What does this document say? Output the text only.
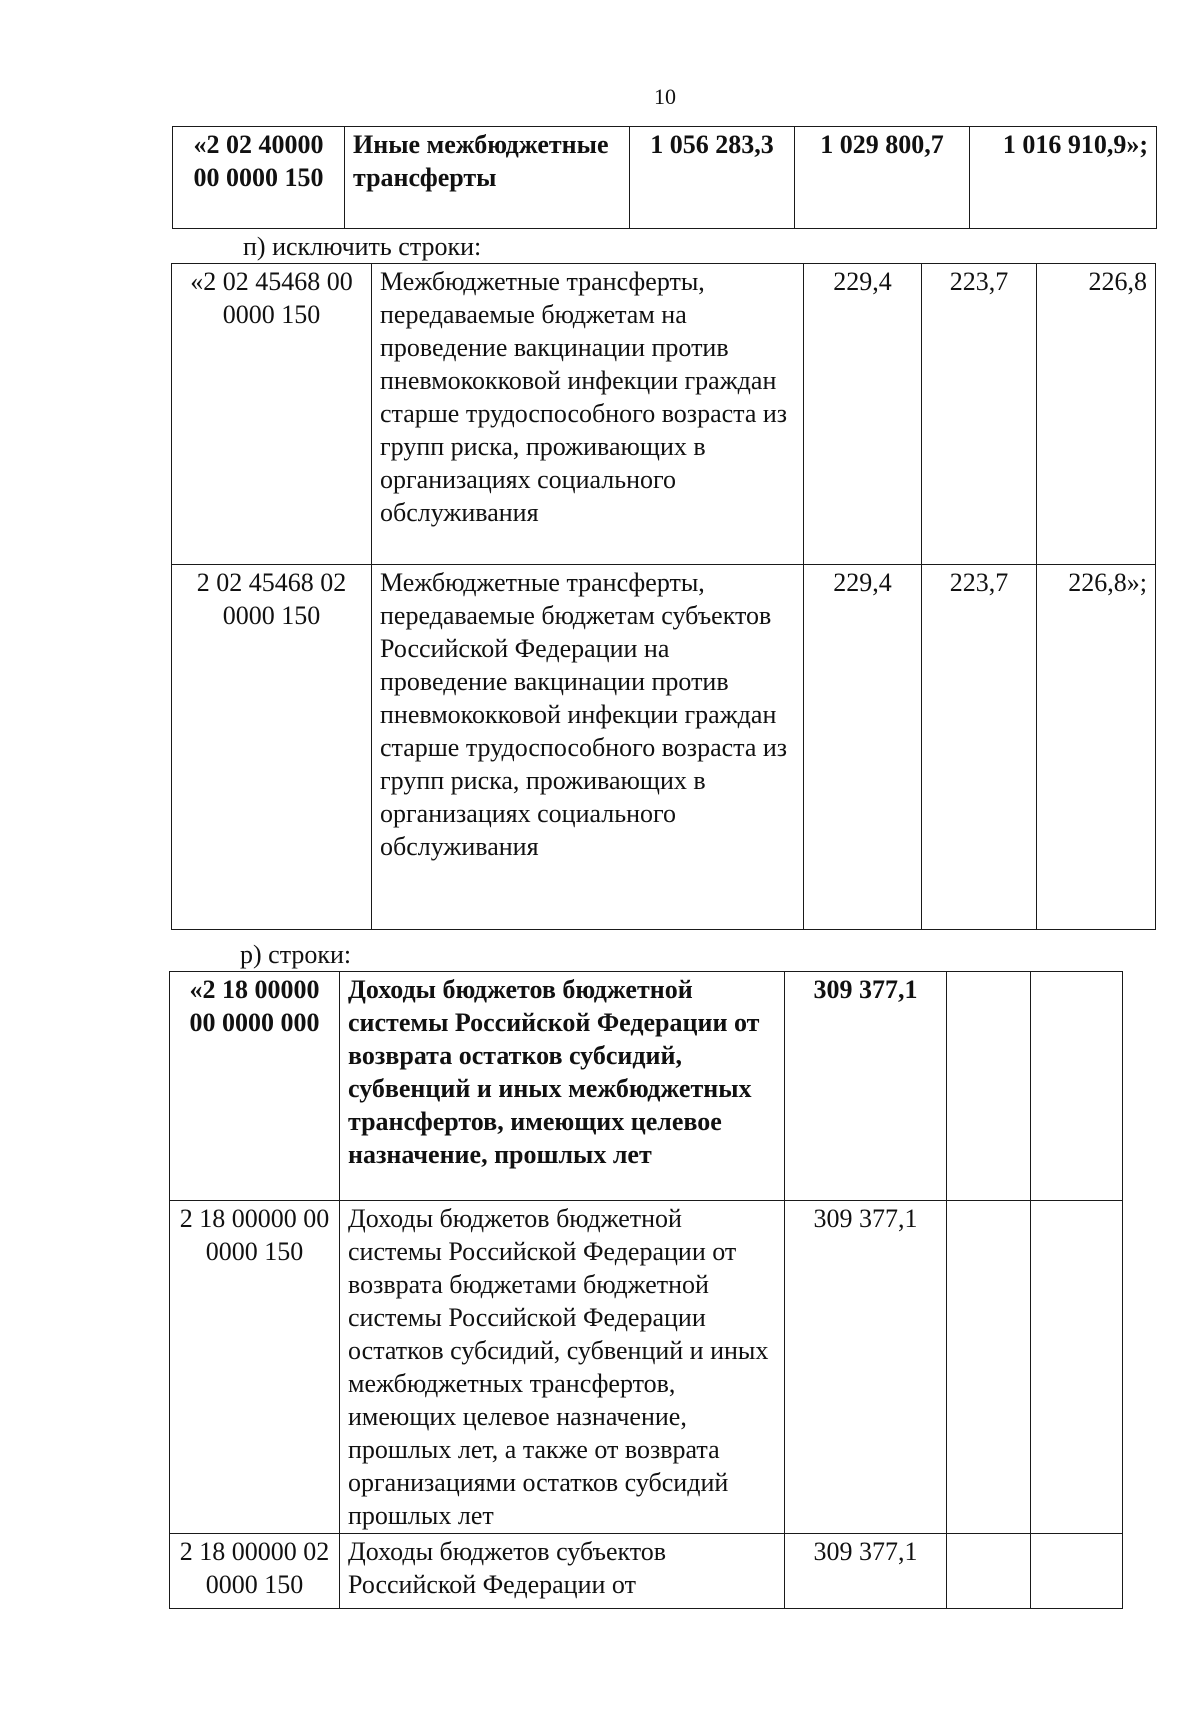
10
«2 02 40000 00 0000 150	Иные межбюджетные трансферты	1 056 283,3	1 029 800,7	1 016 910,9»;
п) исключить строки:
«2 02 45468 00 0000 150	Межбюджетные трансферты, передаваемые бюджетам на проведение вакцинации против пневмококковой инфекции граждан старше трудоспособного возраста из групп риска, проживающих в организациях социального обслуживания	229,4	223,7	226,8
2 02 45468 02 0000 150	Межбюджетные трансферты, передаваемые бюджетам субъектов Российской Федерации на проведение вакцинации против пневмококковой инфекции граждан старше трудоспособного возраста из групп риска, проживающих в организациях социального обслуживания	229,4	223,7	226,8»;
р) строки:
«2 18 00000 00 0000 000	Доходы бюджетов бюджетной системы Российской Федерации от возврата остатков субсидий, субвенций и иных межбюджетных трансфертов, имеющих целевое назначение, прошлых лет	309 377,1		
2 18 00000 00 0000 150	Доходы бюджетов бюджетной системы Российской Федерации от возврата бюджетами бюджетной системы Российской Федерации остатков субсидий, субвенций и иных межбюджетных трансфертов, имеющих целевое назначение, прошлых лет, а также от возврата организациями остатков субсидий прошлых лет	309 377,1		
2 18 00000 02 0000 150	Доходы бюджетов субъектов Российской Федерации от	309 377,1		
